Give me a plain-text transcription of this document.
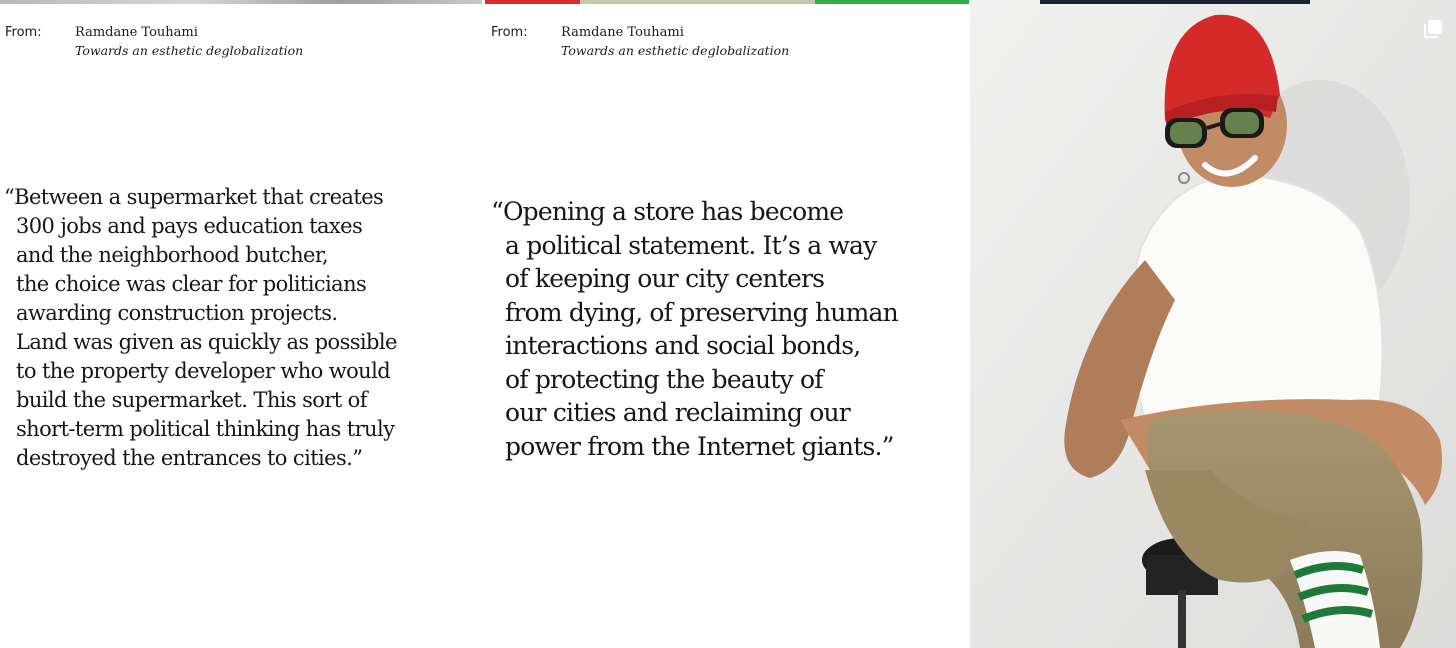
From:	Ramdane Touhami
Towards an esthetic deglobalization

“Between a supermarket that creates
300 jobs and pays education taxes
and the neighborhood butcher,
the choice was clear for politicians
awarding construction projects.
Land was given as quickly as possible
to the property developer who would
build the supermarket. This sort of
short-term political thinking has truly
destroyed the entrances to cities.”

From:	Ramdane Touhami
Towards an esthetic deglobalization

“Opening a store has become
a political statement. It’s a way
of keeping our city centers
from dying, of preserving human
interactions and social bonds,
of protecting the beauty of
our cities and reclaiming our
power from the Internet giants.”
